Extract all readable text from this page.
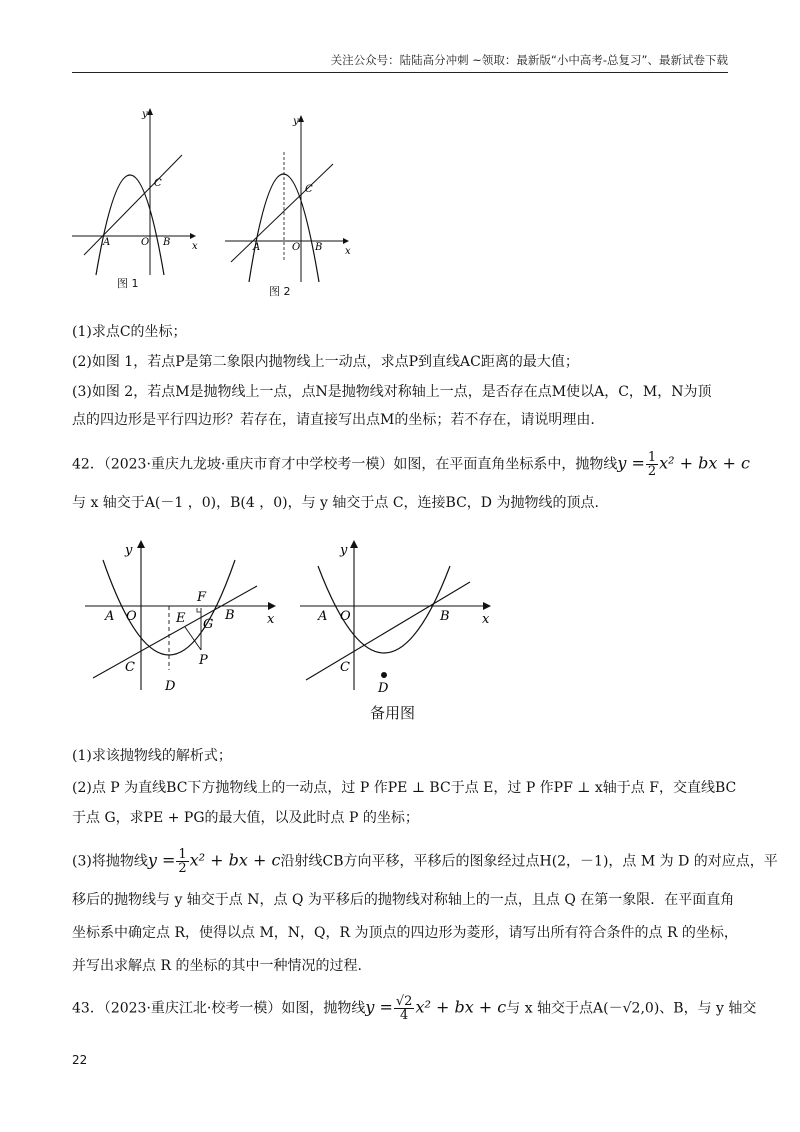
关注公众号：陆陆高分冲刺 ~领取：最新版“小中高考-总复习”、最新试卷下载
y
x
A	O B
C
图 1
y
x
A	O B
C
图 2
(1)求点C的坐标；
(2)如图 1，若点P是第二象限内抛物线上一动点，求点P到直线AC距离的最大值；
(3)如图 2，若点M是抛物线上一点，点N是抛物线对称轴上一点，是否存在点M使以A，C，M，N为顶
点的四边形是平行四边形？若存在，请直接写出点M的坐标；若不存在，请说明理由.
42．（2023·重庆九龙坡·重庆市育才中学校考一模）如图，在平面直角坐标系中，抛物线$y = \frac{1}{2} x^2$ + bx + c
与 x 轴交于A(－1 ，0)，B(4 ，0)，与 y 轴交于点 C，连接BC，D 为抛物线的顶点.
y
x
A O	B
C
D
E
F
G
P
y
x
A O	B
C
D
备用图
(1)求该抛物线的解析式；
(2)点 P 为直线BC下方抛物线上的一动点，过 P 作PE ⊥ BC于点 E，过 P 作PF ⊥ x轴于点 F，交直线BC
于点 G，求PE + PG的最大值，以及此时点 P 的坐标；
(3)将抛物线$y = \frac{1}{2} x^2$ + bx + c沿射线CB方向平移，平移后的图象经过点H(2，－1)，点 M 为 D 的对应点，平
移后的抛物线与 y 轴交于点 N，点 Q 为平移后的抛物线对称轴上的一点，且点 Q 在第一象限．在平面直角
坐标系中确定点 R，使得以点 M，N，Q，R 为顶点的四边形为菱形，请写出所有符合条件的点 R 的坐标，
并写出求解点 R 的坐标的其中一种情况的过程.
43．（2023·重庆江北·校考一模）如图，抛物线$y = \frac{√2}{4} x^2$ + bx + c与 x 轴交于点A(－√2,0)、B，与 y 轴交
22
